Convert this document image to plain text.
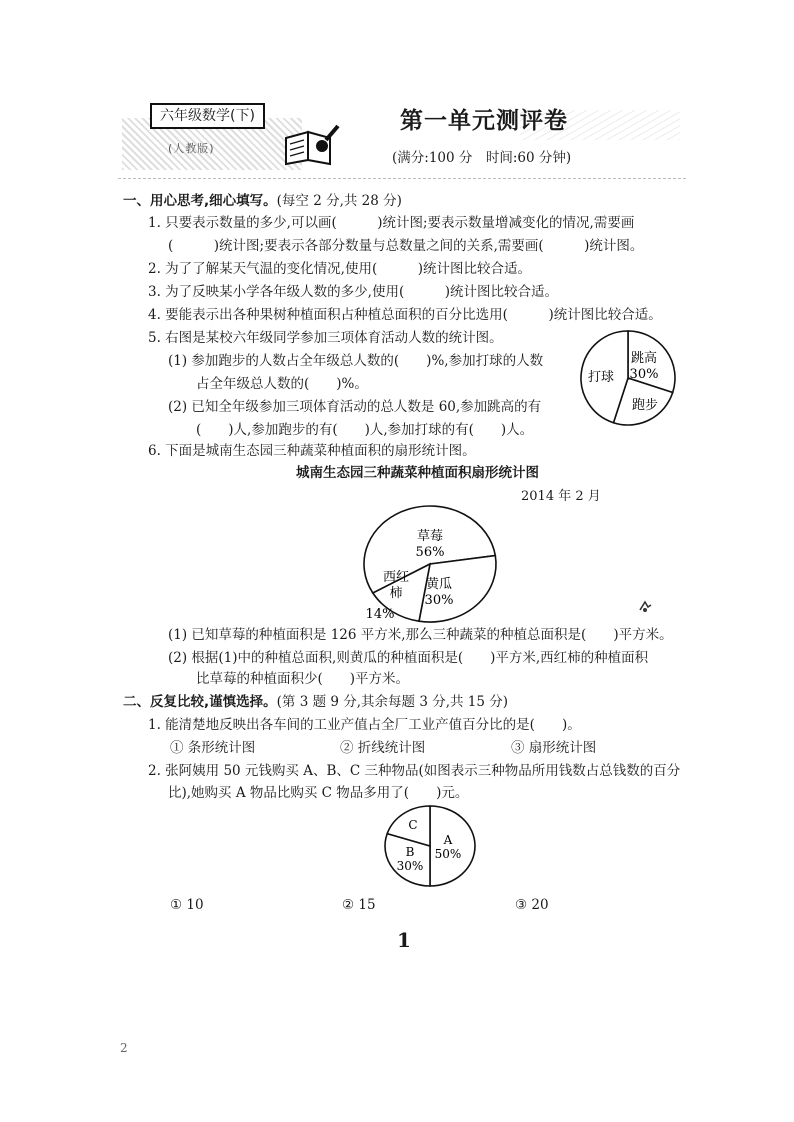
六年级数学(下)
(人教版)
第一单元测评卷
(满分:100 分　时间:60 分钟)
一、用心思考,细心填写。(每空 2 分,共 28 分)
1. 只要表示数量的多少,可以画(　　　)统计图;要表示数量增减变化的情况,需要画
(　　　)统计图;要表示各部分数量与总数量之间的关系,需要画(　　　)统计图。
2. 为了了解某天气温的变化情况,使用(　　　)统计图比较合适。
3. 为了反映某小学各年级人数的多少,使用(　　　)统计图比较合适。
4. 要能表示出各种果树种植面积占种植总面积的百分比选用(　　　)统计图比较合适。
5. 右图是某校六年级同学参加三项体育活动人数的统计图。
(1) 参加跑步的人数占全年级总人数的(　　)%,参加打球的人数
占全年级总人数的(　　)%。
(2) 已知全年级参加三项体育活动的总人数是 60,参加跳高的有
(　　)人,参加跑步的有(　　)人,参加打球的有(　　)人。
6. 下面是城南生态园三种蔬菜种植面积的扇形统计图。
跳高
30%
跑步
打球
城南生态园三种蔬菜种植面积扇形统计图
2014 年 2 月
草莓
56%
黄瓜
30%
西红
柿
14%
(1) 已知草莓的种植面积是 126 平方米,那么三种蔬菜的种植总面积是(　　)平方米。
(2) 根据(1)中的种植总面积,则黄瓜的种植面积是(　　)平方米,西红柿的种植面积
比草莓的种植面积少(　　)平方米。
二、反复比较,谨慎选择。(第 3 题 9 分,其余每题 3 分,共 15 分)
1. 能清楚地反映出各车间的工业产值占全厂工业产值百分比的是(　　)。
① 条形统计图	② 折线统计图	③ 扇形统计图
2. 张阿姨用 50 元钱购买 A、B、C 三种物品(如图表示三种物品所用钱数占总钱数的百分
比),她购买 A 物品比购买 C 物品多用了(　　)元。
A
50%
B
30%
C
① 10	② 15	③ 20
1
2
